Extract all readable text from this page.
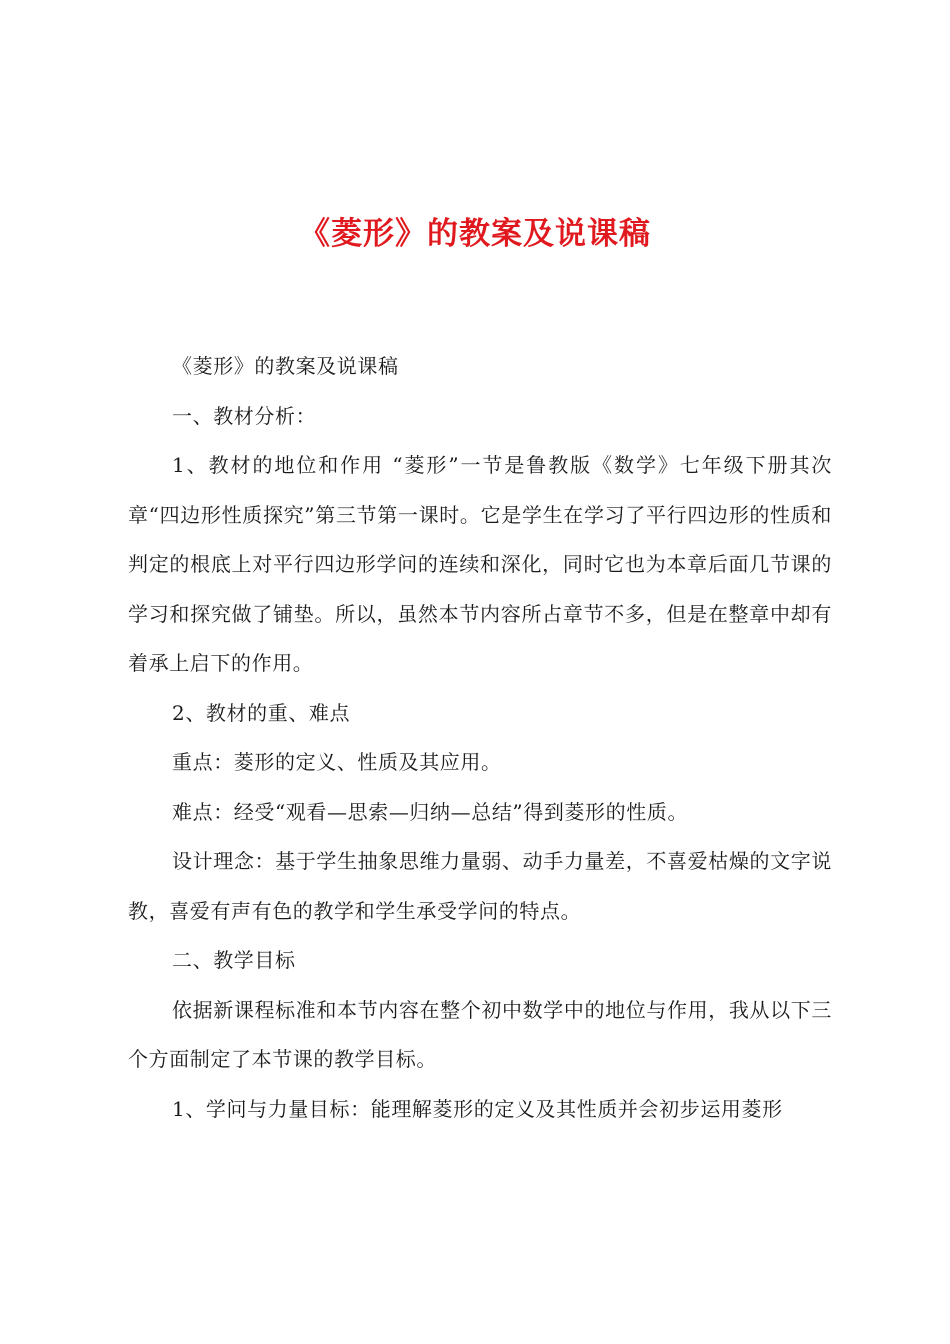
《菱形》的教案及说课稿

《菱形》的教案及说课稿

一、教材分析：

1、教材的地位和作用 “菱形”一节是鲁教版《数学》七年级下册其次章“四边形性质探究”第三节第一课时。它是学生在学习了平行四边形的性质和判定的根底上对平行四边形学问的连续和深化，同时它也为本章后面几节课的学习和探究做了铺垫。所以，虽然本节内容所占章节不多，但是在整章中却有着承上启下的作用。

2、教材的重、难点

重点：菱形的定义、性质及其应用。

难点：经受“观看—思索—归纳—总结”得到菱形的性质。

设计理念：基于学生抽象思维力量弱、动手力量差，不喜爱枯燥的文字说教，喜爱有声有色的教学和学生承受学问的特点。

二、教学目标

依据新课程标准和本节内容在整个初中数学中的地位与作用，我从以下三个方面制定了本节课的教学目标。

1、学问与力量目标：能理解菱形的定义及其性质并会初步运用菱形
